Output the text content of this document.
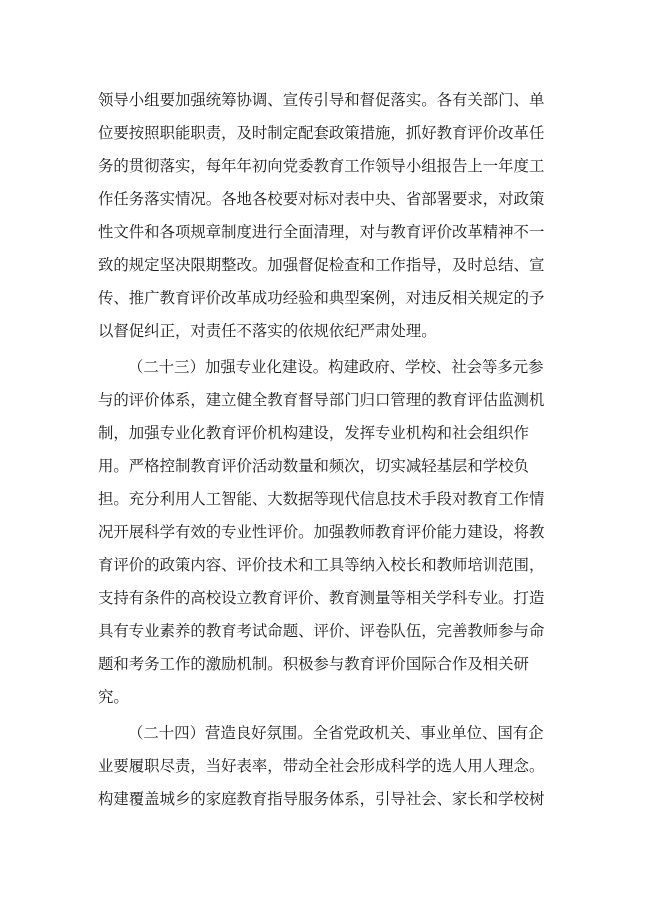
领导小组要加强统筹协调、宣传引导和督促落实。各有关部门、单
位要按照职能职责，及时制定配套政策措施，抓好教育评价改革任
务的贯彻落实，每年年初向党委教育工作领导小组报告上一年度工
作任务落实情况。各地各校要对标对表中央、省部署要求，对政策
性文件和各项规章制度进行全面清理，对与教育评价改革精神不一
致的规定坚决限期整改。加强督促检查和工作指导，及时总结、宣
传、推广教育评价改革成功经验和典型案例，对违反相关规定的予
以督促纠正，对责任不落实的依规依纪严肃处理。
（二十三）加强专业化建设。构建政府、学校、社会等多元参
与的评价体系，建立健全教育督导部门归口管理的教育评估监测机
制，加强专业化教育评价机构建设，发挥专业机构和社会组织作
用。严格控制教育评价活动数量和频次，切实减轻基层和学校负
担。充分利用人工智能、大数据等现代信息技术手段对教育工作情
况开展科学有效的专业性评价。加强教师教育评价能力建设，将教
育评价的政策内容、评价技术和工具等纳入校长和教师培训范围，
支持有条件的高校设立教育评价、教育测量等相关学科专业。打造
具有专业素养的教育考试命题、评价、评卷队伍，完善教师参与命
题和考务工作的激励机制。积极参与教育评价国际合作及相关研
究。
（二十四）营造良好氛围。全省党政机关、事业单位、国有企
业要履职尽责，当好表率，带动全社会形成科学的选人用人理念。
构建覆盖城乡的家庭教育指导服务体系，引导社会、家长和学校树
